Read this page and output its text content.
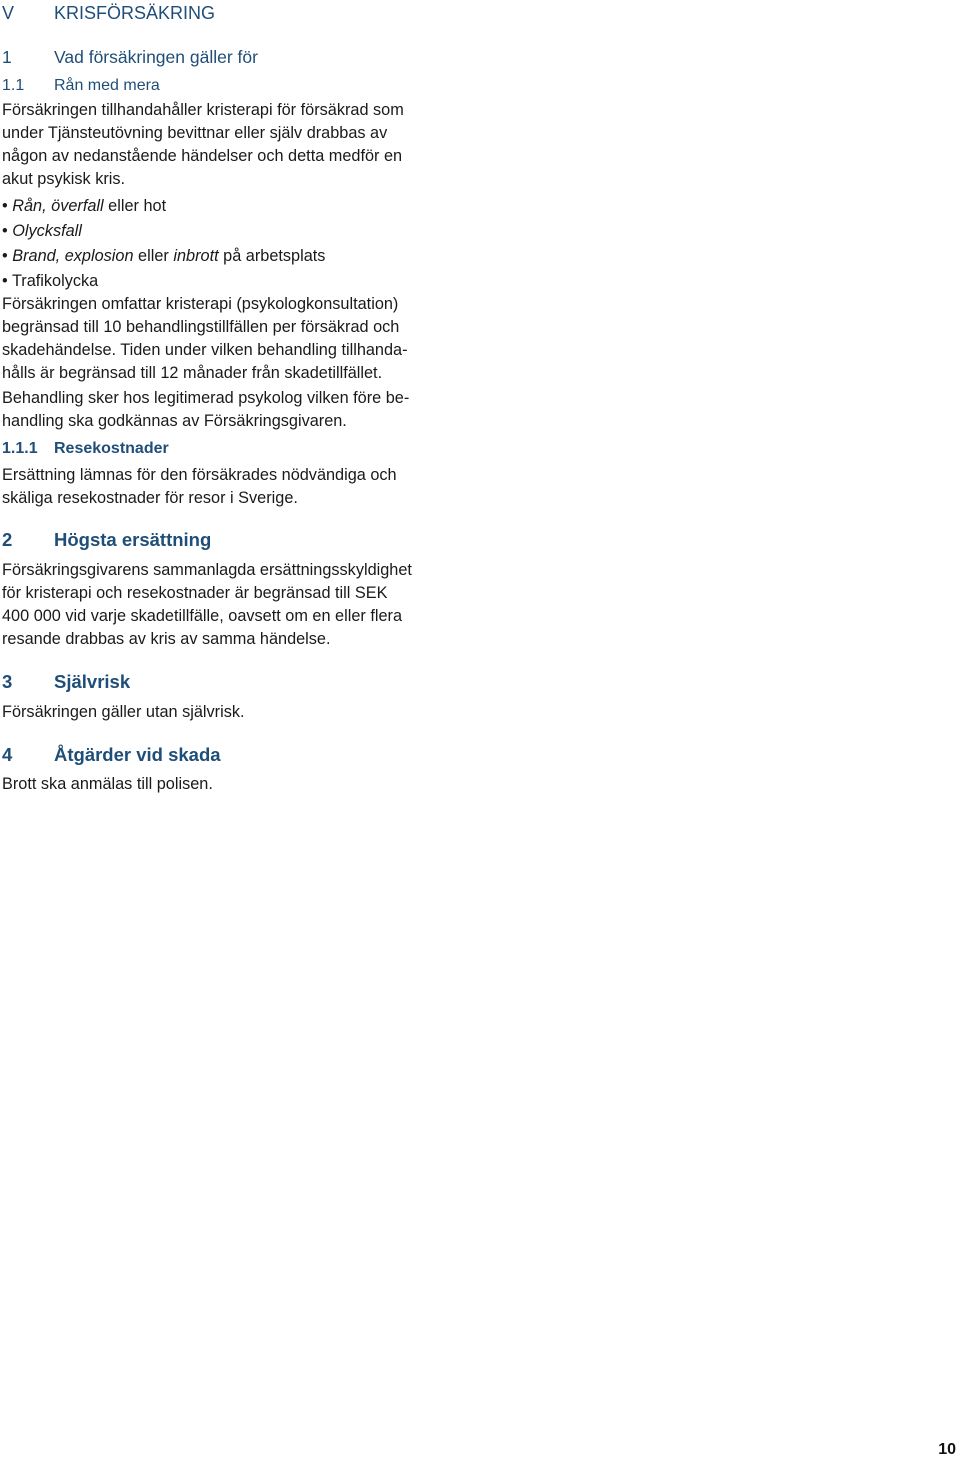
V KRISFÖRSÄKRING
1 Vad försäkringen gäller för
1.1 Rån med mera
Försäkringen tillhandahåller kristerapi för försäkrad som
under Tjänsteutövning bevittnar eller själv drabbas av
någon av nedanstående händelser och detta medför en
akut psykisk kris.
• Rån, överfall eller hot
• Olycksfall
• Brand, explosion eller inbrott på arbetsplats
• Trafikolycka
Försäkringen omfattar kristerapi (psykologkonsultation)
begränsad till 10 behandlingstillfällen per försäkrad och
skadehändelse. Tiden under vilken behandling tillhanda-
hålls är begränsad till 12 månader från skadetillfället.
Behandling sker hos legitimerad psykolog vilken före be-
handling ska godkännas av Försäkringsgivaren.
1.1.1 Resekostnader
Ersättning lämnas för den försäkrades nödvändiga och
skäliga resekostnader för resor i Sverige.
2 Högsta ersättning
Försäkringsgivarens sammanlagda ersättningsskyldighet
för kristerapi och resekostnader är begränsad till SEK
400 000 vid varje skadetillfälle, oavsett om en eller flera
resande drabbas av kris av samma händelse.
3 Självrisk
Försäkringen gäller utan självrisk.
4 Åtgärder vid skada
Brott ska anmälas till polisen.
10
